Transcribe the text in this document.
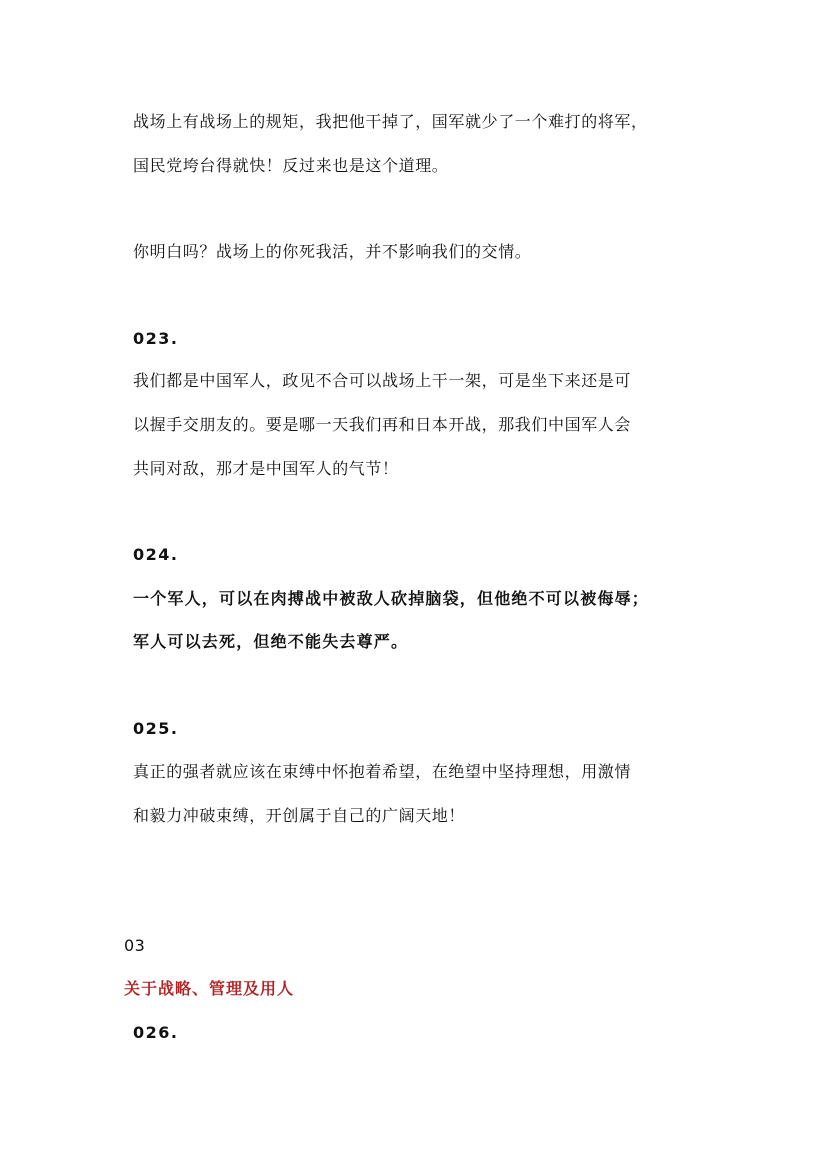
战场上有战场上的规矩，我把他干掉了，国军就少了一个难打的将军，
国民党垮台得就快！反过来也是这个道理。
你明白吗？战场上的你死我活，并不影响我们的交情。
023.
我们都是中国军人，政见不合可以战场上干一架，可是坐下来还是可
以握手交朋友的。要是哪一天我们再和日本开战，那我们中国军人会
共同对敌，那才是中国军人的气节！
024.
一个军人，可以在肉搏战中被敌人砍掉脑袋，但他绝不可以被侮辱；
军人可以去死，但绝不能失去尊严。
025.
真正的强者就应该在束缚中怀抱着希望，在绝望中坚持理想，用激情
和毅力冲破束缚，开创属于自己的广阔天地！
03
关于战略、管理及用人
026.
